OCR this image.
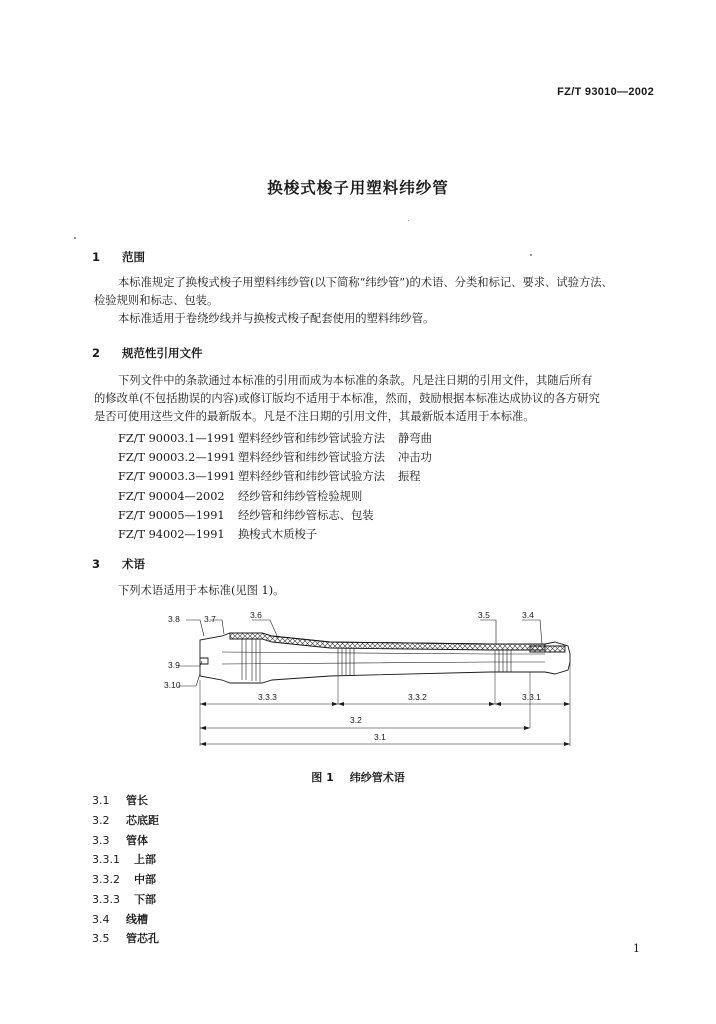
FZ/T 93010—2002
换梭式梭子用塑料纬纱管
1 范围
本标准规定了换梭式梭子用塑料纬纱管(以下简称“纬纱管”)的术语、分类和标记、要求、试验方法、
检验规则和标志、包装。
本标准适用于卷绕纱线并与换梭式梭子配套使用的塑料纬纱管。
2 规范性引用文件
下列文件中的条款通过本标准的引用而成为本标准的条款。凡是注日期的引用文件，其随后所有
的修改单(不包括勘误的内容)或修订版均不适用于本标准，然而，鼓励根据本标准达成协议的各方研究
是否可使用这些文件的最新版本。凡是不注日期的引用文件，其最新版本适用于本标准。
FZ/T 90003.1—1991 塑料经纱管和纬纱管试验方法 静弯曲
FZ/T 90003.2—1991 塑料经纱管和纬纱管试验方法 冲击功
FZ/T 90003.3—1991 塑料经纱管和纬纱管试验方法 振程
FZ/T 90004—2002 经纱管和纬纱管检验规则
FZ/T 90005—1991 经纱管和纬纱管标志、包装
FZ/T 94002—1991 换梭式木质梭子
3 术语
下列术语适用于本标准(见图 1)。
3.8	3.7	3.6	3.5	3.4
3.9
3.10
3.3.3	3.3.2	3.3.1
3.2
3.1
图 1 纬纱管术语
3.1 管长
3.2 芯底距
3.3 管体
3.3.1 上部
3.3.2 中部
3.3.3 下部
3.4 线槽
3.5 管芯孔
1
